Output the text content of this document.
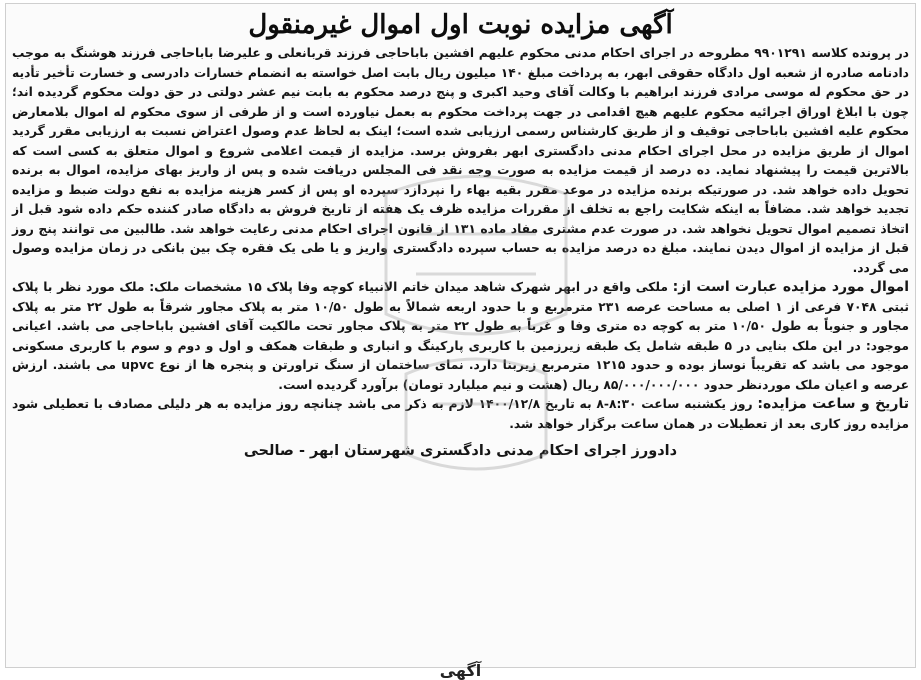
آگهی مزایده نوبت اول اموال غیرمنقول

در پرونده کلاسه ۹۹۰۱۲۹۱ مطروحه در اجرای احکام مدنی محکوم علیهم افشین باباحاجی فرزند قربانعلی و علیرضا باباحاجی فرزند هوشنگ به موجب دادنامه صادره از شعبه اول دادگاه حقوقی ابهر، به پرداخت مبلغ ۱۴۰ میلیون ریال بابت اصل خواسته به انضمام خسارات دادرسی و خسارت تأخیر تأدیه در حق محکوم له موسی مرادی فرزند ابراهیم با وکالت آقای وحید اکبری و پنج درصد محکوم به بابت نیم عشر دولتی در حق دولت محکوم گردیده اند؛ چون با ابلاغ اوراق اجرائیه محکوم علیهم هیچ اقدامی در جهت پرداخت محکوم به بعمل نیاورده است و از طرفی از سوی محکوم له اموال بلامعارض محکوم علیه افشین باباحاجی توقیف و از طریق کارشناس رسمی ارزیابی شده است؛ اینک به لحاظ عدم وصول اعتراض نسبت به ارزیابی مقرر گردید اموال از طریق مزایده در محل اجرای احکام مدنی دادگستری ابهر بفروش برسد. مزایده از قیمت اعلامی شروع و اموال متعلق به کسی است که بالاترین قیمت را پیشنهاد نماید. ده درصد از قیمت مزایده به صورت وجه نقد فی المجلس دریافت شده و پس از واریز بهای مزایده، اموال به برنده تحویل داده خواهد شد. در صورتیکه برنده مزایده در موعد مقرر بقیه بهاء را نپردازد سپرده او پس از کسر هزینه مزایده به نفع دولت ضبط و مزایده تجدید خواهد شد. مضافاً به اینکه شکایت راجع به تخلف از مقررات مزایده ظرف یک هفته از تاریخ فروش به دادگاه صادر کننده حکم داده شود قبل از اتخاذ تصمیم اموال تحویل نخواهد شد. در صورت عدم مشتری مفاد ماده ۱۳۱ از قانون اجرای احکام مدنی رعایت خواهد شد. طالبین می توانند پنج روز قبل از مزایده از اموال دیدن نمایند. مبلغ ده درصد مزایده به حساب سپرده دادگستری واریز و یا طی یک فقره چک بین بانکی در زمان مزایده وصول می گردد.

اموال مورد مزایده عبارت است از: ملکی واقع در ابهر شهرک شاهد میدان خاتم الانبیاء کوچه وفا پلاک ۱۵ مشخصات ملک: ملک مورد نظر با پلاک ثبتی ۷۰۴۸ فرعی از ۱ اصلی به مساحت عرصه ۲۳۱ مترمربع و با حدود اربعه شمالاً به طول ۱۰/۵۰ متر به پلاک مجاور شرقاً به طول ۲۲ متر به پلاک مجاور و جنوباً به طول ۱۰/۵۰ متر به کوچه ده متری وفا و غرباً به طول ۲۲ متر به پلاک مجاور تحت مالکیت آقای افشین باباحاجی می باشد. اعیانی موجود: در این ملک بنایی در ۵ طبقه شامل یک طبقه زیرزمین با کاربری پارکینگ و انباری و طبقات همکف و اول و دوم و سوم با کاربری مسکونی موجود می باشد که تقریباً نوساز بوده و حدود ۱۲۱۵ مترمربع زیربنا دارد. نمای ساختمان از سنگ تراورتن و پنجره ها از نوع upvc می باشند. ارزش عرصه و اعیان ملک موردنظر حدود ۸۵/۰۰۰/۰۰۰/۰۰۰ ریال (هشت و نیم میلیارد تومان) برآورد گردیده است.

تاریخ و ساعت مزایده: روز یکشنبه ساعت ۸:۳۰-۸ به تاریخ ۱۴۰۰/۱۲/۸ لازم به ذکر می باشد چنانچه روز مزایده به هر دلیلی مصادف با تعطیلی شود مزایده روز کاری بعد از تعطیلات در همان ساعت برگزار خواهد شد.

دادورز اجرای احکام مدنی دادگستری شهرستان ابهر - صالحی
آگهی
